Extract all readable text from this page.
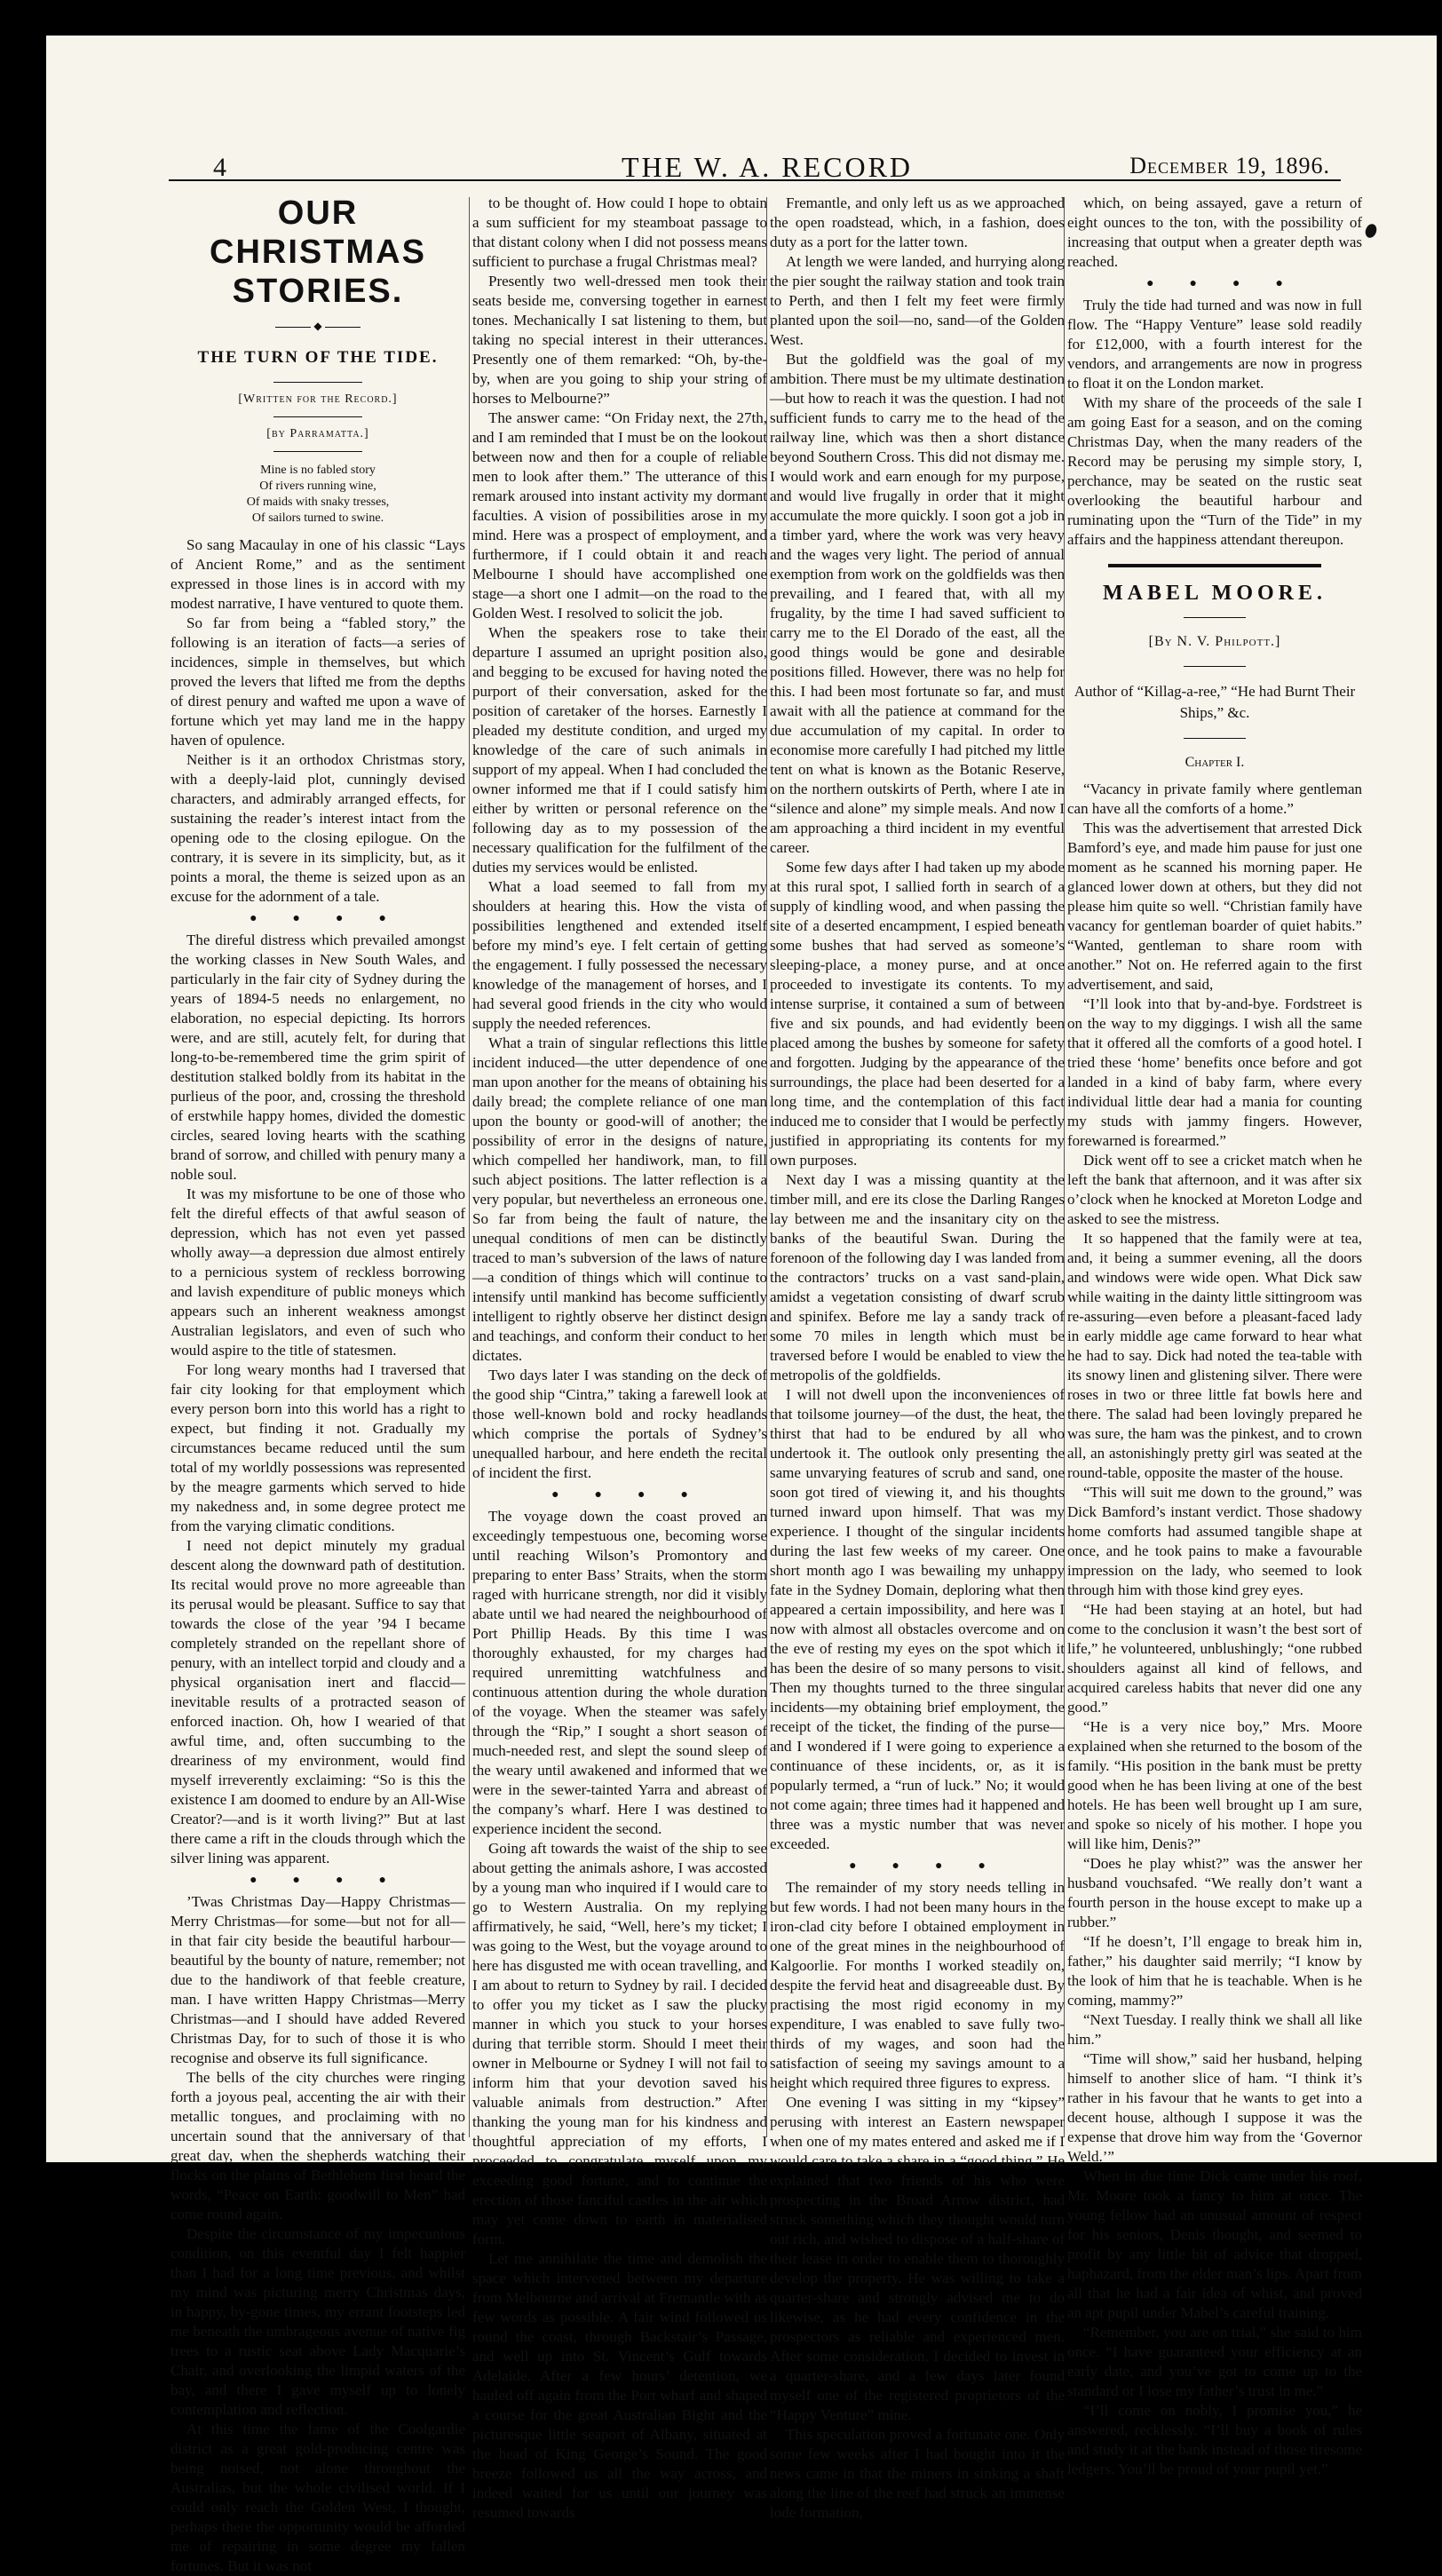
4	THE W. A. RECORD	December 19, 1896.
OUR CHRISTMAS STORIES.
◆
THE TURN OF THE TIDE.
[Written for the Record.]
[by Parramatta.]
Mine is no fabled story
Of rivers running wine,
Of maids with snaky tresses,
Of sailors turned to swine.

So sang Macaulay in one of his classic “Lays of Ancient Rome,” and as the sentiment expressed in those lines is in accord with my modest narrative, I have ventured to quote them.

So far from being a “fabled story,” the following is an iteration of facts—a series of incidences, simple in themselves, but which proved the levers that lifted me from the depths of direst penury and wafted me upon a wave of fortune which yet may land me in the happy haven of opulence.

Neither is it an orthodox Christmas story, with a deeply-laid plot, cunningly devised characters, and admirably arranged effects, for sustaining the reader’s interest intact from the opening ode to the closing epilogue. On the contrary, it is severe in its simplicity, but, as it points a moral, the theme is seized upon as an excuse for the adornment of a tale.

●●●●

The direful distress which prevailed amongst the working classes in New South Wales, and particularly in the fair city of Sydney during the years of 1894-5 needs no enlargement, no elaboration, no especial depicting. Its horrors were, and are still, acutely felt, for during that long-to-be-remembered time the grim spirit of destitution stalked boldly from its habitat in the purlieus of the poor, and, crossing the threshold of erstwhile happy homes, divided the domestic circles, seared loving hearts with the scathing brand of sorrow, and chilled with penury many a noble soul.

It was my misfortune to be one of those who felt the direful effects of that awful season of depression, which has not even yet passed wholly away—a depression due almost entirely to a pernicious system of reckless borrowing and lavish expenditure of public moneys which appears such an inherent weakness amongst Australian legislators, and even of such who would aspire to the title of statesmen.

For long weary months had I traversed that fair city looking for that employment which every person born into this world has a right to expect, but finding it not. Gradually my circumstances became reduced until the sum total of my worldly possessions was represented by the meagre garments which served to hide my nakedness and, in some degree protect me from the varying climatic conditions.

I need not depict minutely my gradual descent along the downward path of destitution. Its recital would prove no more agreeable than its perusal would be pleasant. Suffice to say that towards the close of the year ’94 I became completely stranded on the repellant shore of penury, with an intellect torpid and cloudy and a physical organisation inert and flaccid—inevitable results of a protracted season of enforced inaction. Oh, how I wearied of that awful time, and, often succumbing to the dreariness of my environment, would find myself irreverently exclaiming: “So is this the existence I am doomed to endure by an All-Wise Creator?—and is it worth living?” But at last there came a rift in the clouds through which the silver lining was apparent.

●●●●

’Twas Christmas Day—Happy Christmas—Merry Christmas—for some—but not for all—in that fair city beside the beautiful harbour—beautiful by the bounty of nature, remember; not due to the handiwork of that feeble creature, man. I have written Happy Christmas—Merry Christmas—and I should have added Revered Christmas Day, for to such of those it is who recognise and observe its full significance.

The bells of the city churches were ringing forth a joyous peal, accenting the air with their metallic tongues, and proclaiming with no uncertain sound that the anniversary of that great day, when the shepherds watching their flocks on the plains of Bethlehem first heard the words, “Peace on Earth: goodwill to Men” had come round again.

Despite the circumstance of my impecunious condition, on this eventful day I felt happier than I had for a long time previous, and whilst my mind was picturing merry Christmas days, in happy, by-gone times, my errant footsteps led me beneath the umbrageous avenue of native fig trees to a rustic seat above Lady Macquarie’s Chair, and overlooking the limpid waters of the bay, and there I gave myself up to lonely contemplation and reflection.

At this time the fame of the Coolgardie district as a great gold-producing centre was being noised, not alone throughout the Australias, but the whole civilised world. If I could only reach the Golden West, I thought, perhaps there the opportunity would be afforded me of repairing in some degree my fallen fortunes. But it was not

to be thought of. How could I hope to obtain a sum sufficient for my steamboat passage to that distant colony when I did not possess means sufficient to purchase a frugal Christmas meal?

Presently two well-dressed men took their seats beside me, conversing together in earnest tones. Mechanically I sat listening to them, but taking no special interest in their utterances. Presently one of them remarked: “Oh, by-the-by, when are you going to ship your string of horses to Melbourne?”

The answer came: “On Friday next, the 27th, and I am reminded that I must be on the lookout between now and then for a couple of reliable men to look after them.” The utterance of this remark aroused into instant activity my dormant faculties. A vision of possibilities arose in my mind. Here was a prospect of employment, and furthermore, if I could obtain it and reach Melbourne I should have accomplished one stage—a short one I admit—on the road to the Golden West. I resolved to solicit the job.

When the speakers rose to take their departure I assumed an upright position also, and begging to be excused for having noted the purport of their conversation, asked for the position of caretaker of the horses. Earnestly I pleaded my destitute condition, and urged my knowledge of the care of such animals in support of my appeal. When I had concluded the owner informed me that if I could satisfy him either by written or personal reference on the following day as to my possession of the necessary qualification for the fulfilment of the duties my services would be enlisted.

What a load seemed to fall from my shoulders at hearing this. How the vista of possibilities lengthened and extended itself before my mind’s eye. I felt certain of getting the engagement. I fully possessed the necessary knowledge of the management of horses, and I had several good friends in the city who would supply the needed references.

What a train of singular reflections this little incident induced—the utter dependence of one man upon another for the means of obtaining his daily bread; the complete reliance of one man upon the bounty or good-will of another; the possibility of error in the designs of nature, which compelled her handiwork, man, to fill such abject positions. The latter reflection is a very popular, but nevertheless an erroneous one. So far from being the fault of nature, the unequal conditions of men can be distinctly traced to man’s subversion of the laws of nature—a condition of things which will continue to intensify until mankind has become sufficiently intelligent to rightly observe her distinct design and teachings, and conform their conduct to her dictates.

Two days later I was standing on the deck of the good ship “Cintra,” taking a farewell look at those well-known bold and rocky headlands which comprise the portals of Sydney’s unequalled harbour, and here endeth the recital of incident the first.

●●●●

The voyage down the coast proved an exceedingly tempestuous one, becoming worse until reaching Wilson’s Promontory and preparing to enter Bass’ Straits, when the storm raged with hurricane strength, nor did it visibly abate until we had neared the neighbourhood of Port Phillip Heads. By this time I was thoroughly exhausted, for my charges had required unremitting watchfulness and continuous attention during the whole duration of the voyage. When the steamer was safely through the “Rip,” I sought a short season of much-needed rest, and slept the sound sleep of the weary until awakened and informed that we were in the sewer-tainted Yarra and abreast of the company’s wharf. Here I was destined to experience incident the second.

Going aft towards the waist of the ship to see about getting the animals ashore, I was accosted by a young man who inquired if I would care to go to Western Australia. On my replying affirmatively, he said, “Well, here’s my ticket; I was going to the West, but the voyage around to here has disgusted me with ocean travelling, and I am about to return to Sydney by rail. I decided to offer you my ticket as I saw the plucky manner in which you stuck to your horses during that terrible storm. Should I meet their owner in Melbourne or Sydney I will not fail to inform him that your devotion saved his valuable animals from destruction.” After thanking the young man for his kindness and thoughtful appreciation of my efforts, I proceeded to congratulate myself upon my exceeding good fortune, and to continue the erection of those fanciful castles in the air which may yet come down to earth in materialised form.

Let me annihilate the time and demolish the space which intervened between my departure from Melbourne and arrival at Fremantle with as few words as possible. A fair wind followed us round the coast, through Backstair’s Passage, and well up into St. Vincent’s Gulf towards Adelaide. After a few hours’ detention, we hauled off again from the Port wharf and shaped a course for the great Australian Bight and the picturesque little seaport of Albany, situated at the head of King George’s Sound. The good breeze followed us all the way across, and indeed waited for us until our journey was resumed towards

Fremantle, and only left us as we approached the open roadstead, which, in a fashion, does duty as a port for the latter town.

At length we were landed, and hurrying along the pier sought the railway station and took train to Perth, and then I felt my feet were firmly planted upon the soil—no, sand—of the Golden West.

But the goldfield was the goal of my ambition. There must be my ultimate destination—but how to reach it was the question. I had not sufficient funds to carry me to the head of the railway line, which was then a short distance beyond Southern Cross. This did not dismay me. I would work and earn enough for my purpose, and would live frugally in order that it might accumulate the more quickly. I soon got a job in a timber yard, where the work was very heavy and the wages very light. The period of annual exemption from work on the goldfields was then prevailing, and I feared that, with all my frugality, by the time I had saved sufficient to carry me to the El Dorado of the east, all the good things would be gone and desirable positions filled. However, there was no help for this. I had been most fortunate so far, and must await with all the patience at command for the due accumulation of my capital. In order to economise more carefully I had pitched my little tent on what is known as the Botanic Reserve, on the northern outskirts of Perth, where I ate in “silence and alone” my simple meals. And now I am approaching a third incident in my eventful career.

Some few days after I had taken up my abode at this rural spot, I sallied forth in search of a supply of kindling wood, and when passing the site of a deserted encampment, I espied beneath some bushes that had served as someone’s sleeping-place, a money purse, and at once proceeded to investigate its contents. To my intense surprise, it contained a sum of between five and six pounds, and had evidently been placed among the bushes by someone for safety and forgotten. Judging by the appearance of the surroundings, the place had been deserted for a long time, and the contemplation of this fact induced me to consider that I would be perfectly justified in appropriating its contents for my own purposes.

Next day I was a missing quantity at the timber mill, and ere its close the Darling Ranges lay between me and the insanitary city on the banks of the beautiful Swan. During the forenoon of the following day I was landed from the contractors’ trucks on a vast sand-plain, amidst a vegetation consisting of dwarf scrub and spinifex. Before me lay a sandy track of some 70 miles in length which must be traversed before I would be enabled to view the metropolis of the goldfields.

I will not dwell upon the inconveniences of that toilsome journey—of the dust, the heat, the thirst that had to be endured by all who undertook it. The outlook only presenting the same unvarying features of scrub and sand, one soon got tired of viewing it, and his thoughts turned inward upon himself. That was my experience. I thought of the singular incidents during the last few weeks of my career. One short month ago I was bewailing my unhappy fate in the Sydney Domain, deploring what then appeared a certain impossibility, and here was I now with almost all obstacles overcome and on the eve of resting my eyes on the spot which it has been the desire of so many persons to visit. Then my thoughts turned to the three singular incidents—my obtaining brief employment, the receipt of the ticket, the finding of the purse—and I wondered if I were going to experience a continuance of these incidents, or, as it is popularly termed, a “run of luck.” No; it would not come again; three times had it happened and three was a mystic number that was never exceeded.

●●●●

The remainder of my story needs telling in but few words. I had not been many hours in the iron-clad city before I obtained employment in one of the great mines in the neighbourhood of Kalgoorlie. For months I worked steadily on, despite the fervid heat and disagreeable dust. By practising the most rigid economy in my expenditure, I was enabled to save fully two-thirds of my wages, and soon had the satisfaction of seeing my savings amount to a height which required three figures to express.

One evening I was sitting in my “kipsey” perusing with interest an Eastern newspaper when one of my mates entered and asked me if I would care to take a share in a “good thing.” He explained that two friends of his who were prospecting in the Broad Arrow district, had struck something which they thought would turn out rich, and wished to dispose of a half-share of their lease in order to enable them to thoroughly develop the property. He was willing to take a quarter-share and strongly advised me to do likewise, as he had every confidence in the prospectors as reliable and experienced men. After some consideration, I decided to invest in a quarter-share, and a few days later found myself one of the registered proprietors of the “Happy Venture” mine.

This speculation proved a fortunate one. Only some few weeks after I had bought into it the news came in that the miners in sinking a shaft along the line of the reef had struck an immense lode formation,

which, on being assayed, gave a return of eight ounces to the ton, with the possibility of increasing that output when a greater depth was reached.

●●●●

Truly the tide had turned and was now in full flow. The “Happy Venture” lease sold readily for £12,000, with a fourth interest for the vendors, and arrangements are now in progress to float it on the London market.

With my share of the proceeds of the sale I am going East for a season, and on the coming Christmas Day, when the many readers of the Record may be perusing my simple story, I, perchance, may be seated on the rustic seat overlooking the beautiful harbour and ruminating upon the “Turn of the Tide” in my affairs and the happiness attendant thereupon.

MABEL MOORE.
[By N. V. Philpott.]
Author of “Killag-a-ree,” “He had Burnt Their Ships,” &c.
Chapter I.

“Vacancy in private family where gentleman can have all the comforts of a home.”

This was the advertisement that arrested Dick Bamford’s eye, and made him pause for just one moment as he scanned his morning paper. He glanced lower down at others, but they did not please him quite so well. “Christian family have vacancy for gentleman boarder of quiet habits.” “Wanted, gentleman to share room with another.” Not on. He referred again to the first advertisement, and said,

“I’ll look into that by-and-bye. Fordstreet is on the way to my diggings. I wish all the same that it offered all the comforts of a good hotel. I tried these ‘home’ benefits once before and got landed in a kind of baby farm, where every individual little dear had a mania for counting my studs with jammy fingers. However, forewarned is forearmed.”

Dick went off to see a cricket match when he left the bank that afternoon, and it was after six o’clock when he knocked at Moreton Lodge and asked to see the mistress.

It so happened that the family were at tea, and, it being a summer evening, all the doors and windows were wide open. What Dick saw while waiting in the dainty little sittingroom was re-assuring—even before a pleasant-faced lady in early middle age came forward to hear what he had to say. Dick had noted the tea-table with its snowy linen and glistening silver. There were roses in two or three little fat bowls here and there. The salad had been lovingly prepared he was sure, the ham was the pinkest, and to crown all, an astonishingly pretty girl was seated at the round-table, opposite the master of the house.

“This will suit me down to the ground,” was Dick Bamford’s instant verdict. Those shadowy home comforts had assumed tangible shape at once, and he took pains to make a favourable impression on the lady, who seemed to look through him with those kind grey eyes.

“He had been staying at an hotel, but had come to the conclusion it wasn’t the best sort of life,” he volunteered, unblushingly; “one rubbed shoulders against all kind of fellows, and acquired careless habits that never did one any good.”

“He is a very nice boy,” Mrs. Moore explained when she returned to the bosom of the family. “His position in the bank must be pretty good when he has been living at one of the best hotels. He has been well brought up I am sure, and spoke so nicely of his mother. I hope you will like him, Denis?”

“Does he play whist?” was the answer her husband vouchsafed. “We really don’t want a fourth person in the house except to make up a rubber.”

“If he doesn’t, I’ll engage to break him in, father,” his daughter said merrily; “I know by the look of him that he is teachable. When is he coming, mammy?”

“Next Tuesday. I really think we shall all like him.”

“Time will show,” said her husband, helping himself to another slice of ham. “I think it’s rather in his favour that he wants to get into a decent house, although I suppose it was the expense that drove him way from the ‘Governor Weld.’”

When in due time Dick came under his roof, Mr. Moore took a fancy to him at once. The young fellow had an unusual amount of respect for his seniors, Denis thought, and seemed to profit by any little bit of advice that dropped, haphazard, from the elder man’s lips. Apart from all that he had a fair idea of whist, and proved an apt pupil under Mabel’s careful training.

“Remember, you are on trial,” she said to him once. “I have guaranteed your efficiency at an early date, and you’ve got to come up to the standard or I lose my father’s trust in me.”

“I’ll come on nobly, I promise you,” he answered, recklessly. “I’ll buy a book of rules and study it at the bank instead of those tiresome ledgers. You’ll be proud of your pupil yet.”
